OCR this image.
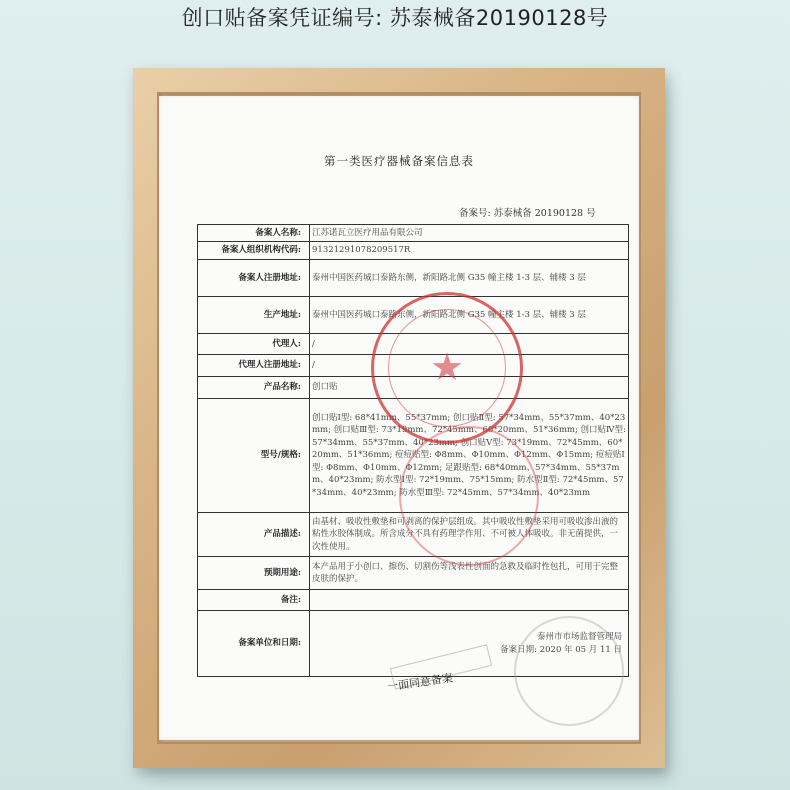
创口贴备案凭证编号: 苏泰械备20190128号
第一类医疗器械备案信息表
备案号: 苏泰械备 20190128 号
备案人名称:	江苏诺瓦立医疗用品有限公司
备案人组织机构代码:	91321291078209517R
备案人注册地址:	泰州中国医药城口泰路东侧，新阳路北侧 G35 幢主楼 1-3 层、辅楼 3 层
生产地址:	泰州中国医药城口泰路东侧，新阳路北侧 G35 幢主楼 1-3 层、辅楼 3 层
代理人:	/
代理人注册地址:	/
产品名称:	创口贴
型号/规格:	创口贴Ⅰ型: 68*41mm、55*37mm; 创口贴Ⅱ型: 57*34mm、55*37mm、40*23mm; 创口贴Ⅲ型: 73*19mm、72*45mm、60*20mm、51*36mm; 创口贴Ⅳ型: 57*34mm、55*37mm、40*23mm; 创口贴Ⅴ型: 73*19mm、72*45mm、60*20mm、51*36mm; 痘痘贴型: Φ8mm、Φ10mm、Φ12mm、Φ15mm; 痘痘贴Ⅰ型: Φ8mm、Φ10mm、Φ12mm; 足跟贴型: 68*40mm、57*34mm、55*37mm、40*23mm; 防水型Ⅰ型: 72*19mm、75*15mm; 防水型Ⅱ型: 72*45mm、57*34mm、40*23mm; 防水型Ⅲ型: 72*45mm、57*34mm、40*23mm
产品描述:	由基材、吸收性敷垫和可剥离的保护层组成。其中吸收性敷垫采用可吸收渗出液的粘性水胶体制成。所含成分不具有药理学作用、不可被人体吸收。非无菌提供，一次性使用。
预期用途:	本产品用于小创口、擦伤、切割伤等浅表性创面的急救及临时性包扎，可用于完整皮肤的保护。
备注:	
备案单位和日期:	泰州市市场监督管理局
备案日期: 2020 年 05 月 11 日
★
一面同意备案
